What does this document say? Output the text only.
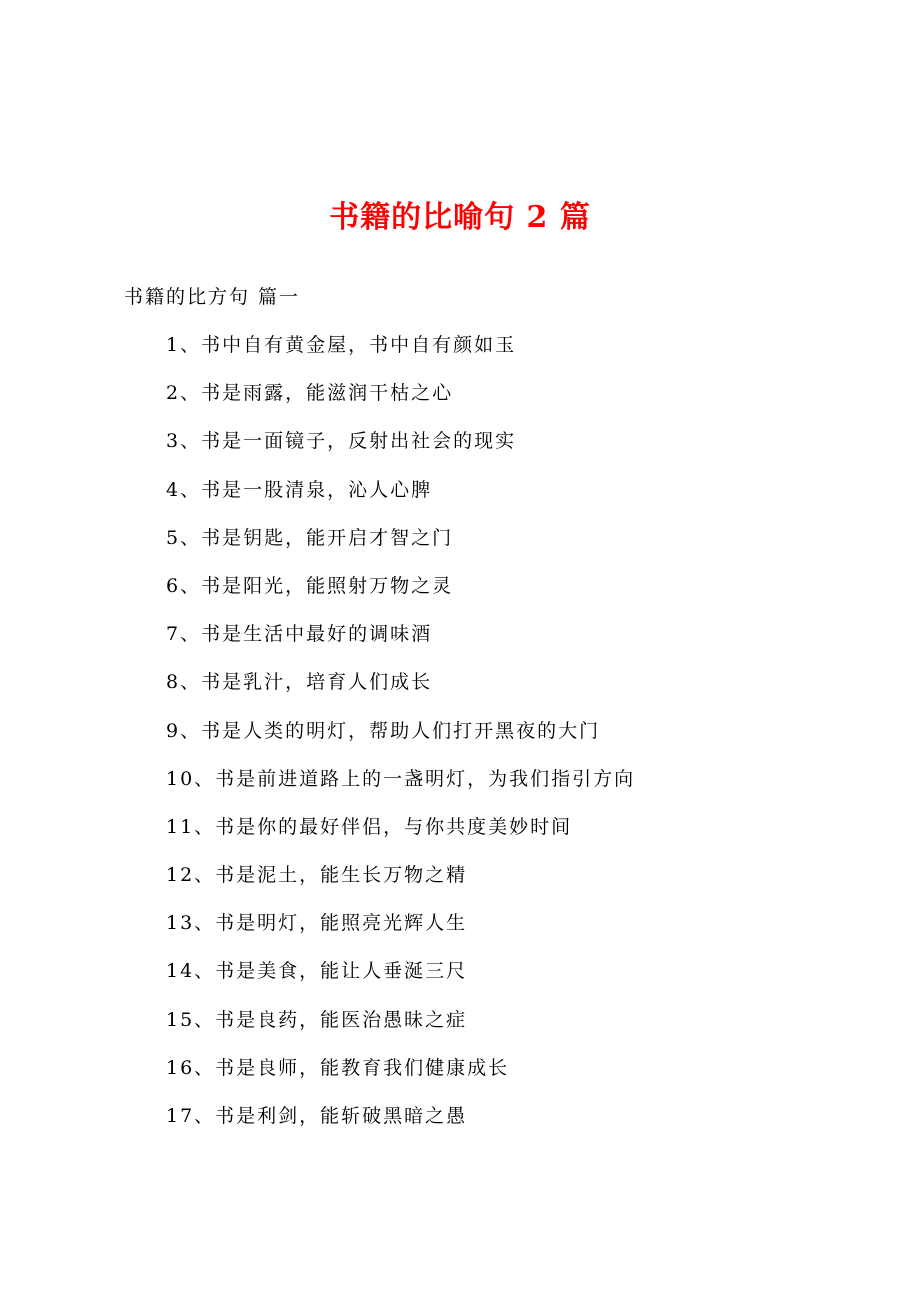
书籍的比喻句 2 篇
书籍的比方句 篇一
1、书中自有黄金屋，书中自有颜如玉
2、书是雨露，能滋润干枯之心
3、书是一面镜子，反射出社会的现实
4、书是一股清泉，沁人心脾
5、书是钥匙，能开启才智之门
6、书是阳光，能照射万物之灵
7、书是生活中最好的调味酒
8、书是乳汁，培育人们成长
9、书是人类的明灯，帮助人们打开黑夜的大门
10、书是前进道路上的一盏明灯，为我们指引方向
11、书是你的最好伴侣，与你共度美妙时间
12、书是泥土，能生长万物之精
13、书是明灯，能照亮光辉人生
14、书是美食，能让人垂涎三尺
15、书是良药，能医治愚昧之症
16、书是良师，能教育我们健康成长
17、书是利剑，能斩破黑暗之愚
